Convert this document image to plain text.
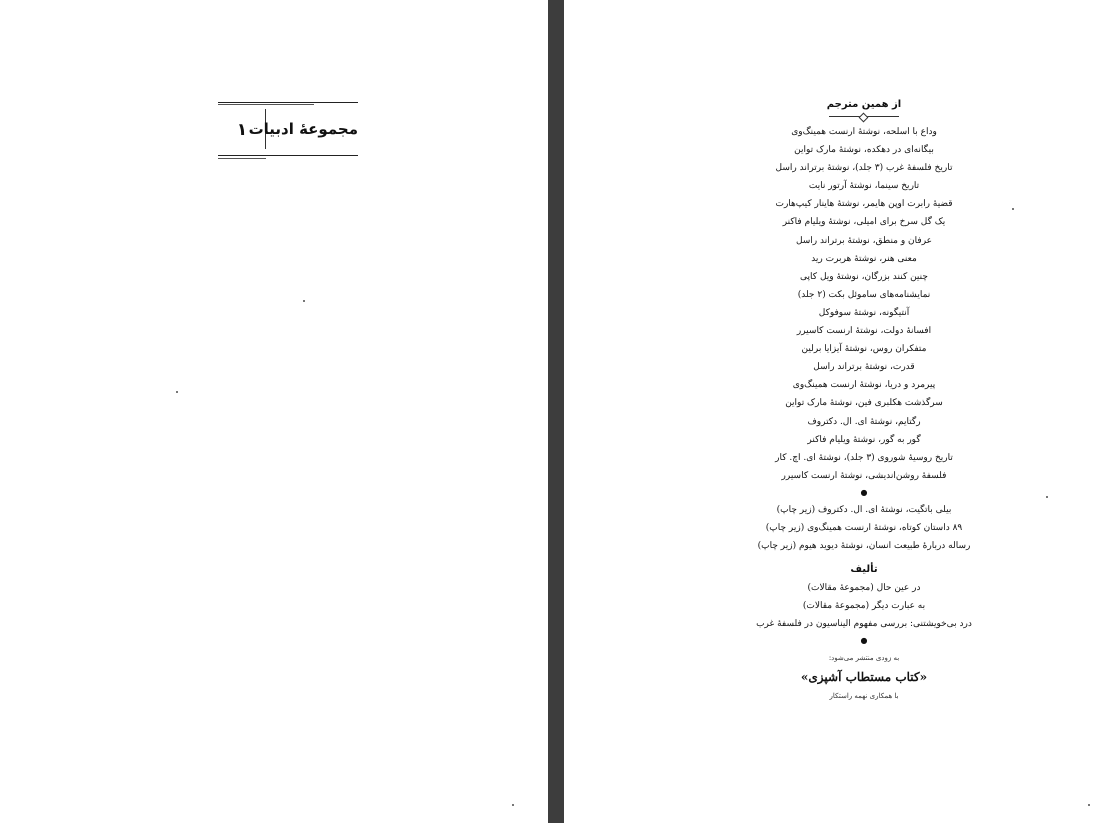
مجموعهٔ ادبیات
۱
از همین مترجم
وداع با اسلحه، نوشتهٔ ارنست همینگ‌وی
بیگانه‌ای در دهکده، نوشتهٔ مارک تواین
تاریخ فلسفهٔ غرب (۳ جلد)، نوشتهٔ برتراند راسل
تاریخ سینما، نوشتهٔ آرتور نایت
قضیهٔ رابرت اوپن هایمر، نوشتهٔ هاینار کیپ‌هارت
یک گل سرخ برای امیلی، نوشتهٔ ویلیام فاکنر
عرفان و منطق، نوشتهٔ برتراند راسل
معنی هنر، نوشتهٔ هربرت رید
چنین کنند بزرگان، نوشتهٔ ویل کاپی
نمایشنامه‌های ساموئل بکت (۲ جلد)
آنتیگونه، نوشتهٔ سوفوکل
افسانهٔ دولت، نوشتهٔ ارنست کاسیرر
متفکران روس، نوشتهٔ آیزایا برلین
قدرت، نوشتهٔ برتراند راسل
پیرمرد و دریا، نوشتهٔ ارنست همینگ‌وی
سرگذشت هکلبری فین، نوشتهٔ مارک تواین
رگتایم، نوشتهٔ ای. ال. دکتروف
گور به گور، نوشتهٔ ویلیام فاکنر
تاریخ روسیهٔ شوروی (۳ جلد)، نوشتهٔ ای. اچ. کار
فلسفهٔ روشن‌اندیشی، نوشتهٔ ارنست کاسیرر
●
بیلی باتگیت، نوشتهٔ ای. ال. دکتروف (زیر چاپ)
۸۹ داستان کوتاه، نوشتهٔ ارنست همینگ‌وی (زیر چاپ)
رساله دربارهٔ طبیعت انسان، نوشتهٔ دیوید هیوم (زیر چاپ)
تألیف
در عین حال (مجموعهٔ مقالات)
به عبارت دیگر (مجموعهٔ مقالات)
درد بی‌خویشتنی: بررسی مفهوم الیناسیون در فلسفهٔ غرب
●
به زودی منتشر می‌شود:
«کتاب مستطاب آشپزی»
با همکاری نهمه راستکار
